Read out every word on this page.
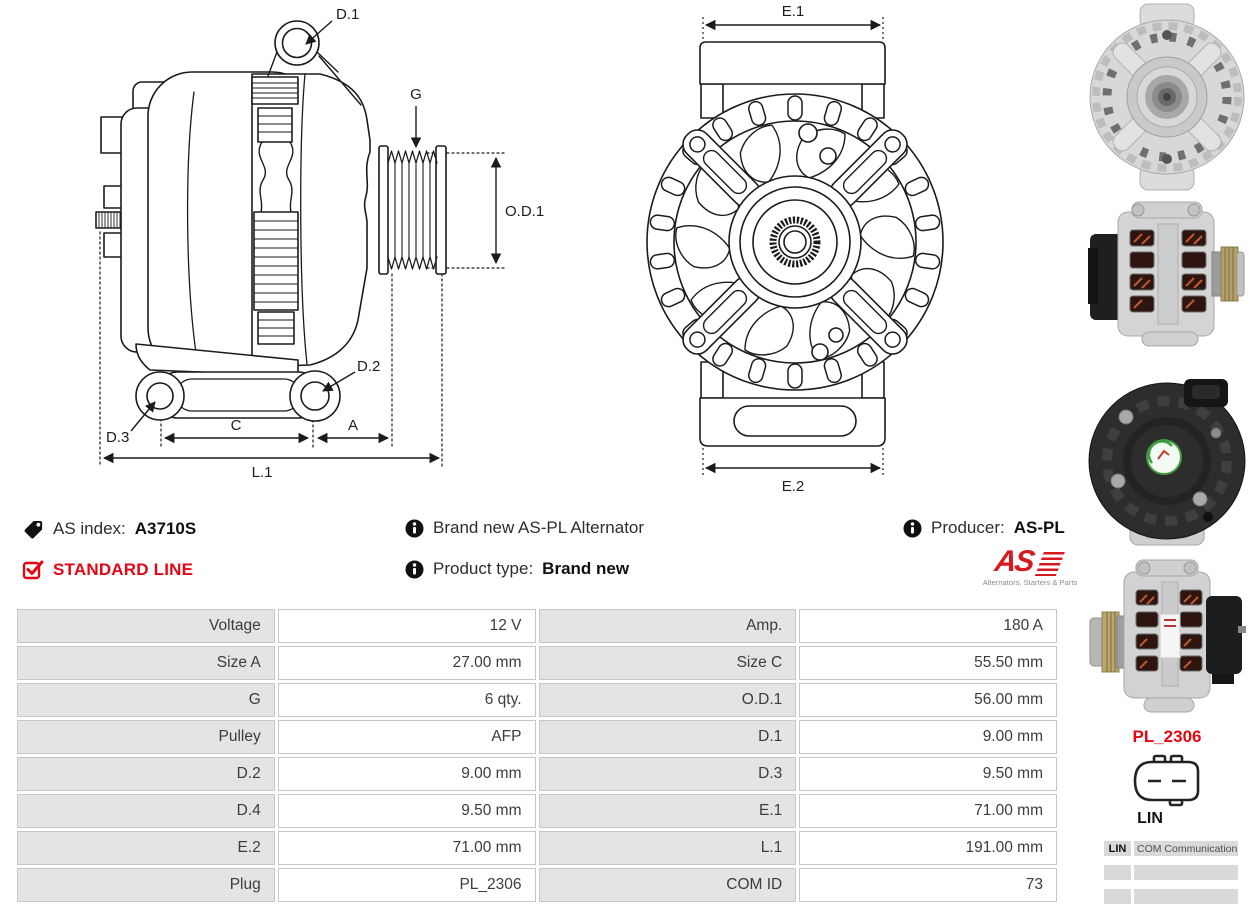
D.1
G
O.D.1
D.2
D.3
C	A
L.1
E.1
E.2
AS index: A3710S	Brand new AS-PL Alternator	Producer: AS-PL
STANDARD LINE	Product type: Brand new	AS
Alternators, Starters & Parts
Voltage	12 V	Amp.	180 A
Size A	27.00 mm	Size C	55.50 mm
G	6 qty.	O.D.1	56.00 mm
Pulley	AFP	D.1	9.00 mm
D.2	9.00 mm	D.3	9.50 mm
D.4	9.50 mm	E.1	71.00 mm
E.2	71.00 mm	L.1	191.00 mm
Plug	PL_2306	COM ID	73
PL_2306
LIN
LIN	COM Communication
